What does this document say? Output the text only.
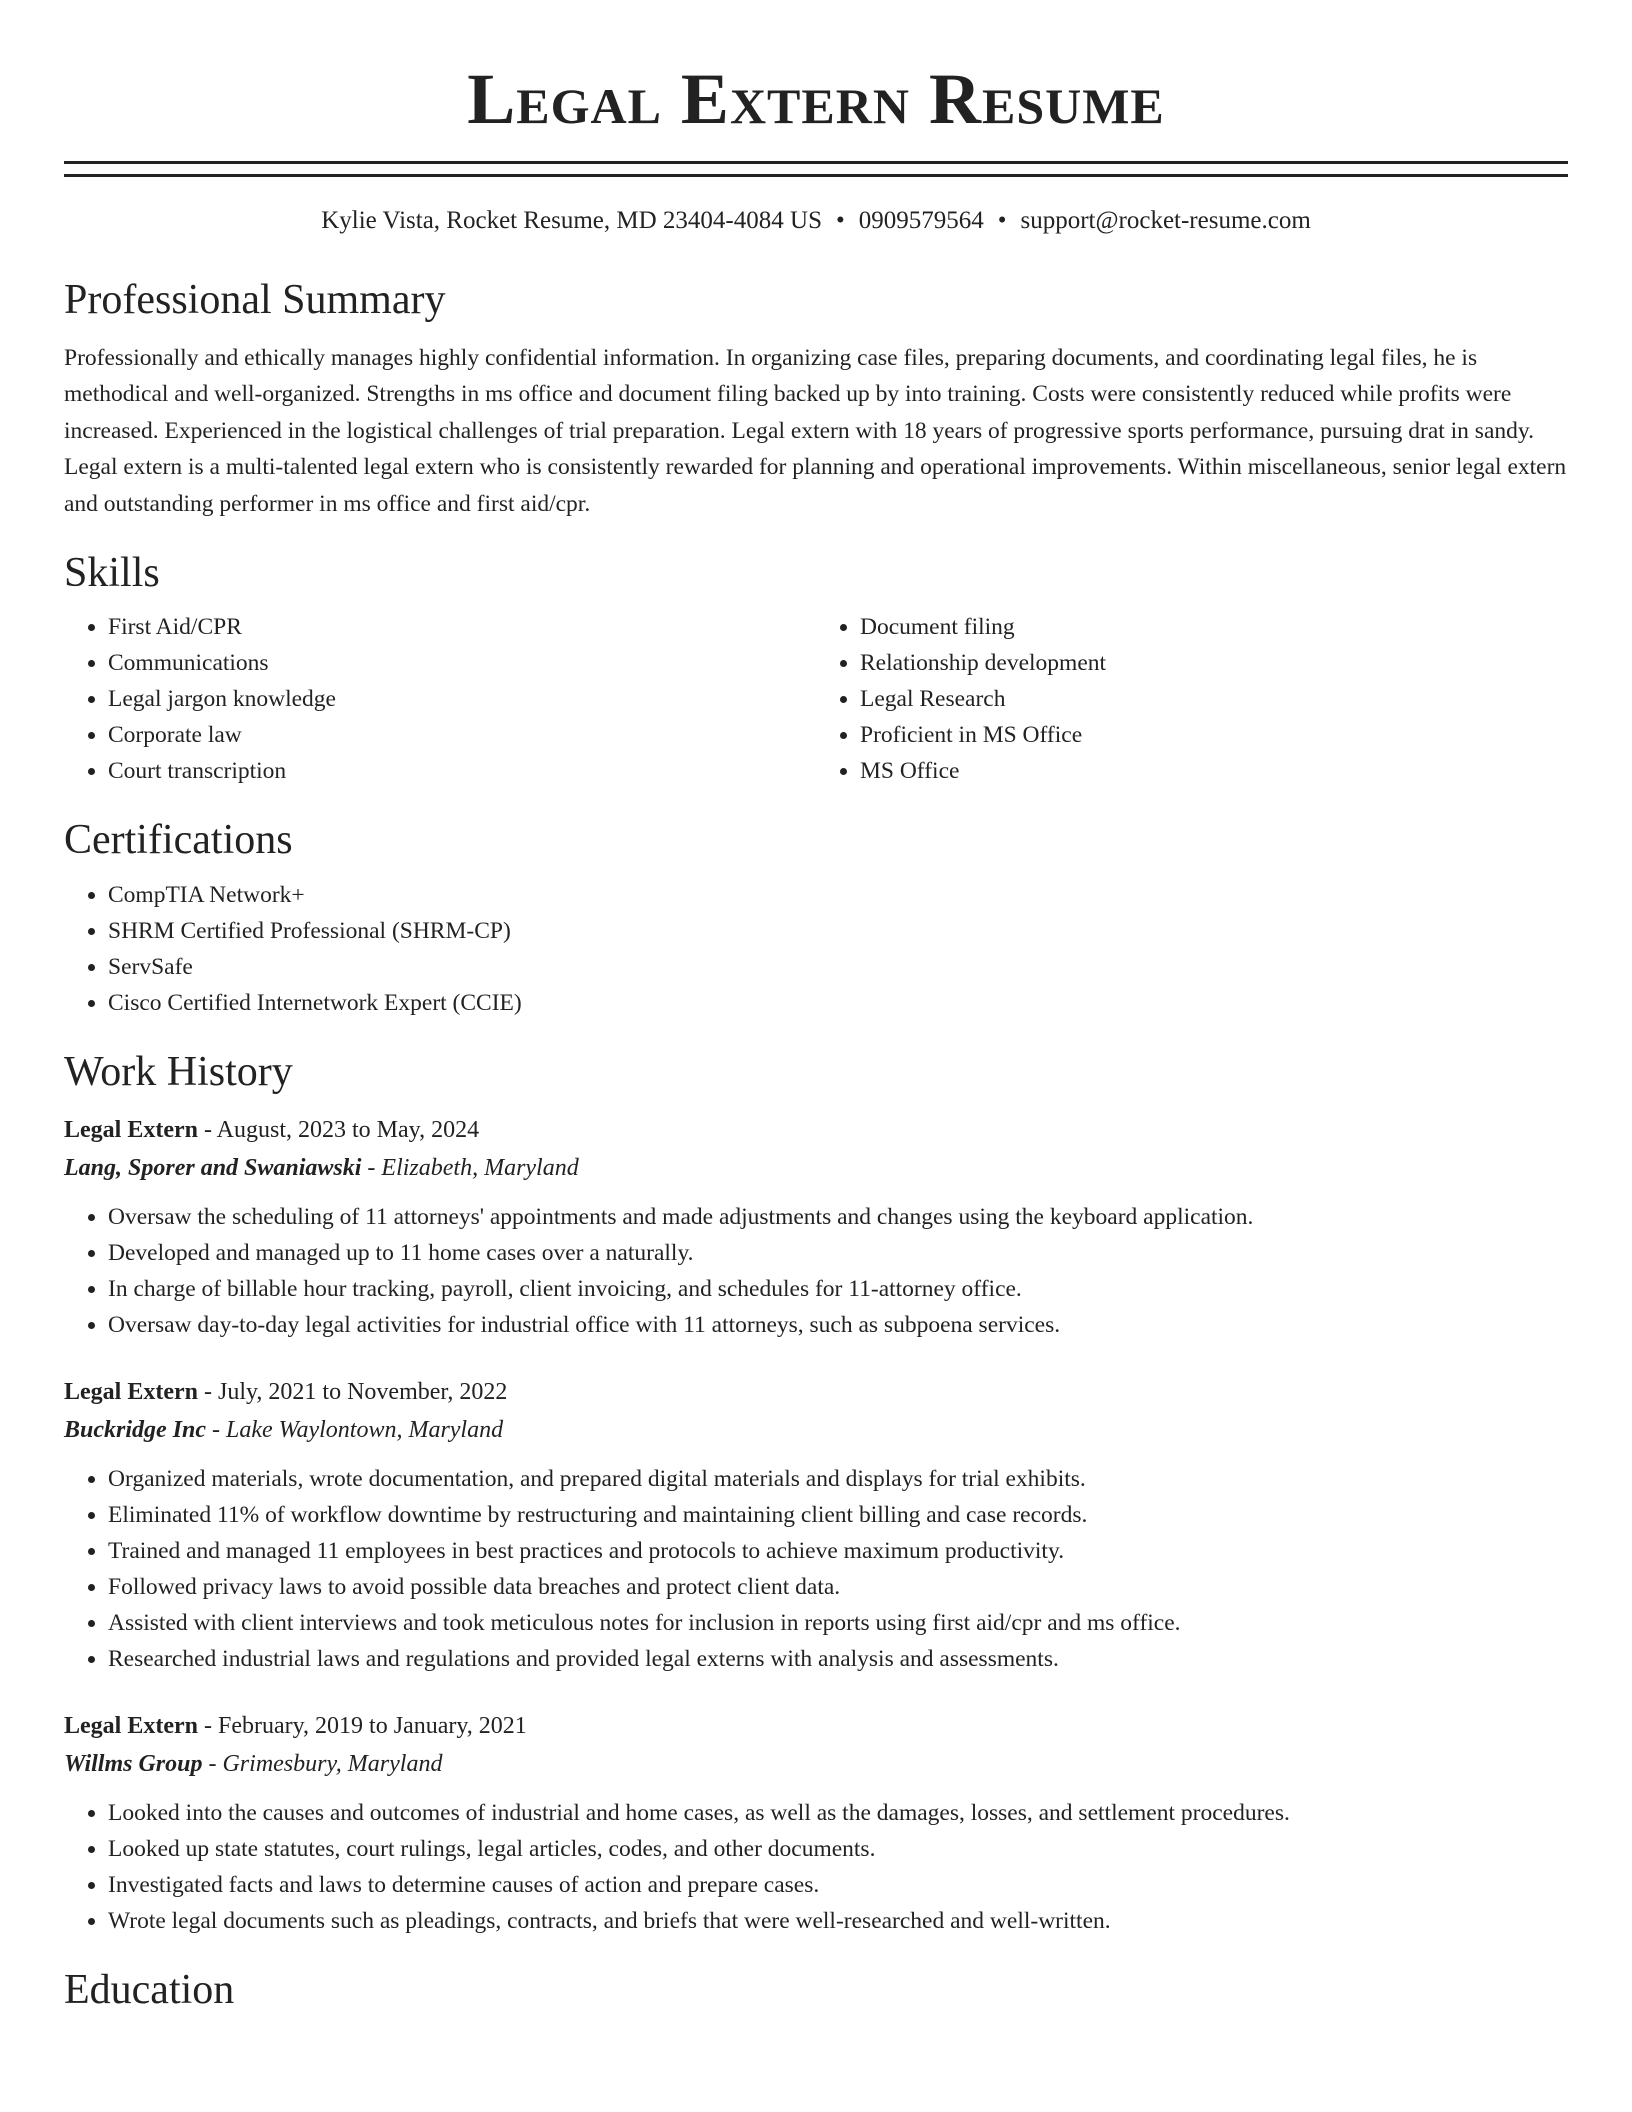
Legal Extern Resume
Kylie Vista, Rocket Resume, MD 23404-4084 US • 0909579564 • support@rocket-resume.com
Professional Summary

Professionally and ethically manages highly confidential information. In organizing case files, preparing documents, and coordinating legal files, he is methodical and well-organized. Strengths in ms office and document filing backed up by into training. Costs were consistently reduced while profits were increased. Experienced in the logistical challenges of trial preparation. Legal extern with 18 years of progressive sports performance, pursuing drat in sandy. Legal extern is a multi-talented legal extern who is consistently rewarded for planning and operational improvements. Within miscellaneous, senior legal extern and outstanding performer in ms office and first aid/cpr.

Skills
• First Aid/CPR
• Communications
• Legal jargon knowledge
• Corporate law
• Court transcription
• Document filing
• Relationship development
• Legal Research
• Proficient in MS Office
• MS Office
Certifications
• CompTIA Network+
• SHRM Certified Professional (SHRM-CP)
• ServSafe
• Cisco Certified Internetwork Expert (CCIE)
Work History
Legal Extern - August, 2023 to May, 2024
Lang, Sporer and Swaniawski - Elizabeth, Maryland
• Oversaw the scheduling of 11 attorneys' appointments and made adjustments and changes using the keyboard application.
• Developed and managed up to 11 home cases over a naturally.
• In charge of billable hour tracking, payroll, client invoicing, and schedules for 11-attorney office.
• Oversaw day-to-day legal activities for industrial office with 11 attorneys, such as subpoena services.
Legal Extern - July, 2021 to November, 2022
Buckridge Inc - Lake Waylontown, Maryland
• Organized materials, wrote documentation, and prepared digital materials and displays for trial exhibits.
• Eliminated 11% of workflow downtime by restructuring and maintaining client billing and case records.
• Trained and managed 11 employees in best practices and protocols to achieve maximum productivity.
• Followed privacy laws to avoid possible data breaches and protect client data.
• Assisted with client interviews and took meticulous notes for inclusion in reports using first aid/cpr and ms office.
• Researched industrial laws and regulations and provided legal externs with analysis and assessments.
Legal Extern - February, 2019 to January, 2021
Willms Group - Grimesbury, Maryland
• Looked into the causes and outcomes of industrial and home cases, as well as the damages, losses, and settlement procedures.
• Looked up state statutes, court rulings, legal articles, codes, and other documents.
• Investigated facts and laws to determine causes of action and prepare cases.
• Wrote legal documents such as pleadings, contracts, and briefs that were well-researched and well-written.
Education
